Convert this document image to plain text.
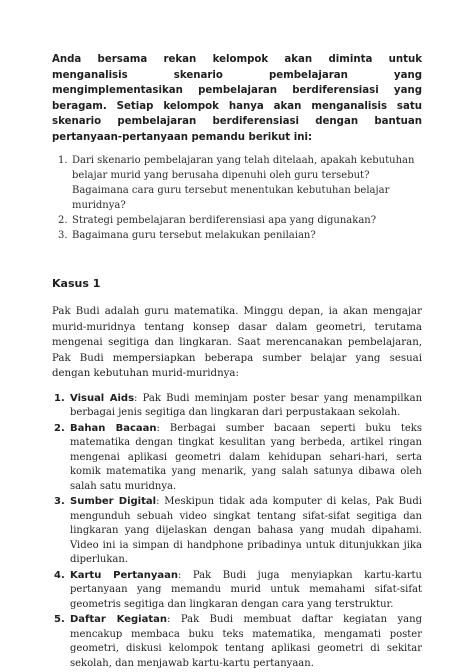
Anda bersama rekan kelompok akan diminta untuk menganalisis skenario pembelajaran yang mengimplementasikan pembelajaran berdiferensiasi yang beragam. Setiap kelompok hanya akan menganalisis satu skenario pembelajaran berdiferensiasi dengan bantuan pertanyaan-pertanyaan pemandu berikut ini:

1. Dari skenario pembelajaran yang telah ditelaah, apakah kebutuhan belajar murid yang berusaha dipenuhi oleh guru tersebut? Bagaimana cara guru tersebut menentukan kebutuhan belajar muridnya?
2. Strategi pembelajaran berdiferensiasi apa yang digunakan?
3. Bagaimana guru tersebut melakukan penilaian?
Kasus 1

Pak Budi adalah guru matematika. Minggu depan, ia akan mengajar murid-muridnya tentang konsep dasar dalam geometri, terutama mengenai segitiga dan lingkaran. Saat merencanakan pembelajaran, Pak Budi mempersiapkan beberapa sumber belajar yang sesuai dengan kebutuhan murid-muridnya:

1. Visual Aids: Pak Budi meminjam poster besar yang menampilkan berbagai jenis segitiga dan lingkaran dari perpustakaan sekolah.
2. Bahan Bacaan: Berbagai sumber bacaan seperti buku teks matematika dengan tingkat kesulitan yang berbeda, artikel ringan mengenai aplikasi geometri dalam kehidupan sehari-hari, serta komik matematika yang menarik, yang salah satunya dibawa oleh salah satu muridnya.
3. Sumber Digital: Meskipun tidak ada komputer di kelas, Pak Budi mengunduh sebuah video singkat tentang sifat-sifat segitiga dan lingkaran yang dijelaskan dengan bahasa yang mudah dipahami. Video ini ia simpan di handphone pribadinya untuk ditunjukkan jika diperlukan.
4. Kartu Pertanyaan: Pak Budi juga menyiapkan kartu-kartu pertanyaan yang memandu murid untuk memahami sifat-sifat geometris segitiga dan lingkaran dengan cara yang terstruktur.
5. Daftar Kegiatan: Pak Budi membuat daftar kegiatan yang mencakup membaca buku teks matematika, mengamati poster geometri, diskusi kelompok tentang aplikasi geometri di sekitar sekolah, dan menjawab kartu-kartu pertanyaan.
